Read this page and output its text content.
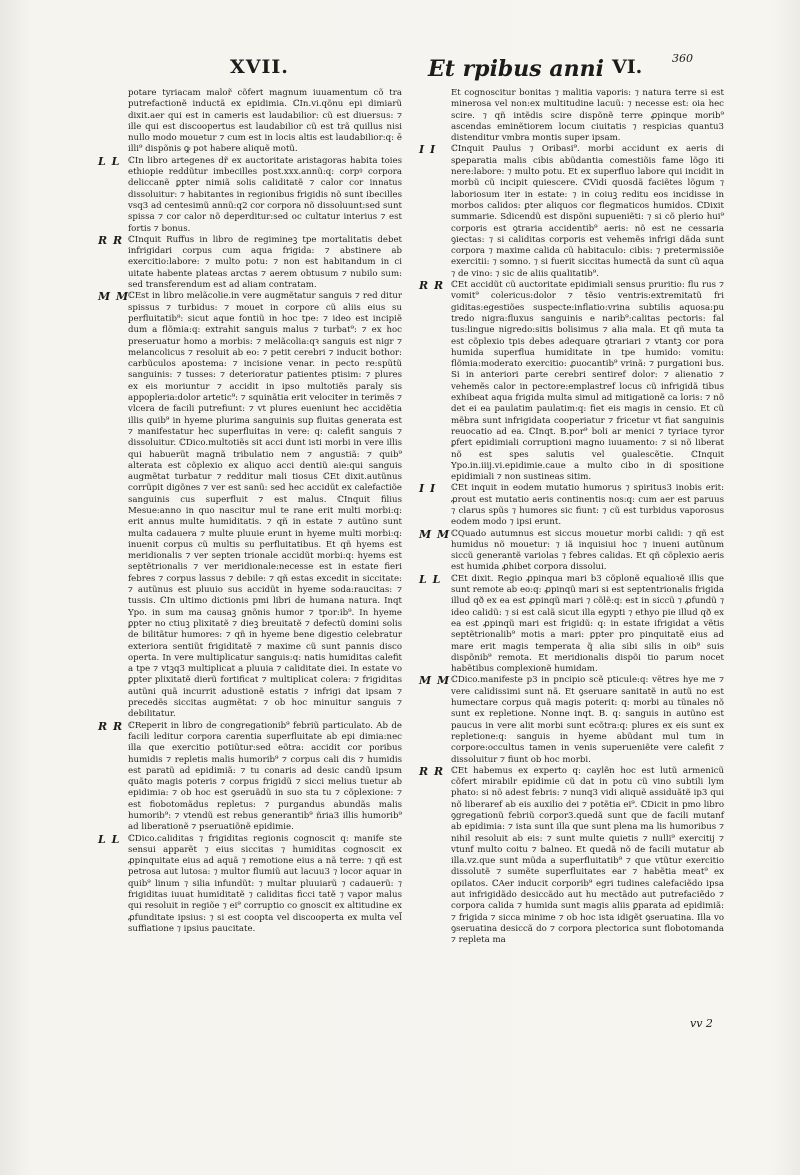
XVII.	Et rpibus anni VI.	360

potare tyriacam malor̃ cõfert magnum iuuamentum cõ tra putrefactionẽ inductã ex epidimia. ℂIn.vi.qõnu epi dimiarũ dixit.aer qui est in cameris est laudabilior: cũ est diuersus: ⁊ ille qui est discoopertus est laudabilior cũ est trã quillus nisi nullo modo mouetur ⁊ cum est in locis altis est laudabilior:q: ē illi⁹ dispõnis ꝙ pot habere aliquẽ motũ.

L L ℂIn libro artegenes dr̃ ex auctoritate aristagoras habita toies ethiopie reddũtur imbecilles post.xxx.annũ:q: corpꝰ corpora deliccanẽ ꝑpter nimiã solis caliditatẽ ⁊ calor cor innatus dissoluitur: ⁊ habitantes in regionibus frigidis nõ sunt ibecilles vsq3 ad centesimũ annũ:q2 cor corpora nõ dissoluunt:sed sunt spissa ⁊ cor calor nõ deperditur:sed oc cultatur interius ⁊ est fortis ⁊ bonus.

R R ℂInquit Ruffus in libro de regimineꝫ tpe mortalitatis debet infrigidari corpus cum aqua frigida: ⁊ abstinere ab exercitio:labore: ⁊ multo potu: ⁊ non est habitandum in ci uitate habente plateas arctas ⁊ aerem obtusum ⁊ nubilo sum: sed transferendum est ad aliam contratam.

M M

ℂEst in libro melãcolie.in vere augmẽtatur sanguis ⁊ red ditur spissus ⁊ turbidus: ⁊ mouet in corpore cũ aliis eius su perfluitatib⁹: sicut aque fontiũ in hoc tpe: ⁊ ideo est incipiẽ dum a flõmia:q: extrahit sanguis malus ⁊ turbat⁹: ⁊ ex hoc preseruatur homo a morbis: ⁊ melãcolia:qꝛ sanguis est nigr ⁊ melancolicus ⁊ resoluit ab eo: ⁊ petit cerebri ⁊ inducit bothor: carbũculos apostema: ⁊ incisione venar. in pecto re:spũtũ sanguinis: ⁊ tusses: ⁊ deterioratur patientes ptisim: ⁊ plures ex eis moriuntur ⁊ accidit in ipso multotiẽs paraly sis appopleria:dolor artetic⁹: ⁊ squinãtia erit velociter in terimẽs ⁊ vlcera de facili putrefiunt: ⁊ vt plures eueniunt hec accidẽtia illis quib⁹ in hyeme plurima sanguinis sup fluitas generata est ⁊ manifestatur hec superfluitas in vere: q: calefit sanguis ⁊ dissoluitur. ℂDico.multotiẽs sit acci dunt isti morbi in vere illis qui habuerũt magnã tribulatio nem ⁊ angustiã: ⁊ quib⁹ alterata est cõplexio ex aliquo acci dentiũ aie:qui sanguis augmẽtat turbatur ⁊ redditur mali tiosus ℂEt dixit.autũnus corrũpit digõnes ⁊ ver est sanũ: sed hec accidũt ex calefactiõe sanguinis cus superfluit ⁊ est malus. ℂInquit filius Mesue:anno in quo nascitur mul te rane erit multi morbi:q: erit annus multe humiditatis. ⁊ qñ in estate ⁊ autũno sunt multa cadauera ⁊ multe pluuie erunt in hyeme multi morbi:q: inuenit corpus cũ multis su perfluitatibus. Et qñ hyems est meridionalis ⁊ ver septen trionale accidũt morbi:q: hyems est septẽtrionalis ⁊ ver meridionale:necesse est in estate fieri febres ⁊ corpus lassus ⁊ debile: ⁊ qñ estas excedit in siccitate: ⁊ autũnus est pluuio sus accidũt in hyeme soda:raucitas: ⁊ tussis. ℂIn ultimo dictionis pmi libri de humana natura. Inqt Ypo. in sum ma causaꝫ gnõnis humor ⁊ tpor:ib⁹. In hyeme ꝑpter no ctiuꝫ plixitatẽ ⁊ dieꝫ breuitatẽ ⁊ defectũ domini solis de bilitãtur humores: ⁊ qñ in hyeme bene digestio celebratur exteriora sentiũt frigiditatẽ ⁊ maxime cũ sunt pannis disco operta. In vere multiplicatur sanguis:q: natis humiditas calefit a tpe ⁊ vtꝫq3 multiplicat a pluuia ⁊ caliditate diei. In estate vo ꝑpter plixitatẽ dierũ fortificat ⁊ multiplicat colera: ⁊ frigiditas autũni quã incurrit adustionẽ estatis ⁊ infrigi dat ipsam ⁊ precedẽs siccitas augmẽtat: ⁊ ob hoc minuitur sanguis ⁊ debilitatur.

R R ℂReperit in libro de congregationib⁹ febriũ particulato. Ab de facili leditur corpora carentia superfluitate ab epi dimia:nec illa que exercitio potiũtur:sed eõtra: accidit cor poribus humidis ⁊ repletis malis humorib⁹ ⁊ corpus cali dis ⁊ humidis est paratũ ad epidimiã: ⁊ tu conaris ad desic candũ ipsum quãto magis poteris ⁊ corpus frigidũ ⁊ sicci melius tuetur ab epidimia: ⁊ ob hoc est ꝯseruãdũ in suo sta tu ⁊ cõplexione: ⁊ est fiobotomãdus repletus: ⁊ purgandus abundãs malis humorib⁹: ⁊ vtendũ est rebus generantib⁹ ñria3 illis humorib⁹ ad liberationẽ ⁊ pseruatiõnẽ epidimie.

L L ℂDico.caliditas ⁊ frigiditas regionis cognoscit q: manife ste sensui apparẽt ⁊ eius siccitas ⁊ humiditas cognoscit ex ꝓpinquitate eius ad aquã ⁊ remotione eius a nã terre: ⁊ qñ est petrosa aut lutosa: ⁊ multor flumiũ aut lacuu3 ⁊ locor aquar in quib⁹ linum ⁊ silia infundũt: ⁊ multar pluuiarũ ⁊ cadauerũ: ⁊ frigiditas iuuat humiditatẽ ⁊ caliditas ficci tatẽ ⁊ vapor malus qui resoluit in regiõe ⁊ ei⁹ corruptio co gnoscit ex altitudine ex ꝓfunditate ipsius: ⁊ si est coopta vel discooperta ex multa vel̃ suffiatione ⁊ ipsius paucitate.

Et cognoscitur bonitas ⁊ malitia vaporis: ⁊ natura terre si est minerosa vel non:ex multitudine lacuũ: ⁊ necesse est: oia hec scire. ⁊ qñ intẽdis scire dispõnẽ terre ꝓpinque morib⁹ ascendas eminẽtiorem locum ciuitatis ⁊ respicias quantu3 distenditur vmbra montis super ipsam.

I I ℂInquit Paulus ⁊ Oribasi⁹. morbi accidunt ex aeris di sꝑeparatia malis cibis abũdantia comestiõis fame lõgo iti nere:labore: ⁊ multo potu. Et ex superfluo labore qui incidit in morbũ cũ incipit quiescere. ℂVidi quosdã faciẽtes lõgum ⁊ laboriosum iter in estate: ⁊ in coiuꝫ reditu eos incidisse in morbos calidos: ꝑter aliquos cor fleɡmaticos humidos. ℂDixit summarie. Sdicendũ est dispõni supueniẽti: ⁊ si cõ plerio hui⁹ corporis est ꝯtraria accidentib⁹ aeris: nõ est ne cessaria ꝯiectas: ⁊ si caliditas corporis est vehemẽs infrigi dãda sunt corpora ⁊ maxime calida cũ habitaculo: cibis: ⁊ pretermissiõe exercitii: ⁊ somno. ⁊ si fuerit siccitas humectã da sunt cũ aqua ⁊ de vino: ⁊ sic de aliis qualitatib⁹.

R R ℂEt accidũt cũ auctoritate epidimiali sensus pruritio: flu rus ⁊ vomit⁹ colericus:dolor ⁊ tẽsio ventris:extremitatũ fri giditas:egestiões suspecte:inflatio:vrina subtilis aquosa:pu tredo nigra:fluxus sanguinis e narib⁹:calitas pectoris: fal tus:lingue nigredo:sitis bolisimus ⁊ alia mala. Et qñ muta ta est cõplexio tpis debes adequare ꝯtrariari ⁊ vtantꝫ cor pora humida superflua humiditate in tpe humido: vomitu: flõmia:moderato exercitio: ꝓuocantib⁹ vrinã: ⁊ purgationi bus. Si in anteriori parte cerebri sentiref dolor: ⁊ alienatio ⁊ vehemẽs calor in pectore:emplastref locus cũ infrigidã tibus exhibeat aqua frigida multa simul ad mitigationẽ ca loris: ⁊ nõ det ei ea paulatim paulatim:q: fiet eis magis in censio. Et cũ mẽbra sunt infrigidata cooperiatur ⁊ fricetur vt fiat sanguinis reuocatio ad ea. ℂInqt. B.por⁹ boli ar menici ⁊ tyriace tyror ꝑfert epidimiali corruptioni magno iuuamento: ⁊ si nõ liberat nõ est spes salutis vel ꝯualescẽtie. ℂInquit Ypo.in.iiij.vi.epidimie.caue a multo cibo in di spositione epidimiali ⁊ non sustineas sitim.

I I ℂEt inquit in eodem mutatio humorus ⁊ spiritus3 inobis erit: ꝓrout est mutatio aeris continentis nos:q: cum aer est paruus ⁊ clarus spũs ⁊ humores sic fiunt: ⁊ cũ est turbidus vaporosus eodem modo ⁊ ipsi erunt.

M M ℂQuado autumnus est siccus mouetur morbi calidi: ⁊ qñ est humidus nõ mouetur: ⁊ iã inquisiui hoc ⁊ inueni autũnum siccũ generantẽ variolas ⁊ febres calidas. Et qñ cõplexio aeris est humida ꝓhibet corpora dissolui.

L L ℂEt dixit. Regio ꝓpinqua mari b3 cõplonẽ equalioꝛẽ illis que sunt remote ab eo:q: ꝓpinqũ mari si est septentrionalis frigida illud qð ex ea est ꝓpinqũ mari ⁊ cõlẽ:q: est in siccũ ⁊ ꝓfundũ ⁊ ideo calidũ: ⁊ si est calã sicut illa egypti ⁊ ethyo pie illud qð ex ea est ꝓpinqũ mari est frigidũ: q: in estate ifrigidat a vẽtis septẽtrionalib⁹ motis a mari: ꝑpter pro pinquitatẽ eius ad mare erit magis temperata q̃ alia sibi silis in oib⁹ suis dispõnib⁹ remota. Et meridionalis dispõi tio parum nocet habẽtibus complexionẽ humidam.

M M ℂDico.manifeste p3 in pncipio scẽ pticule:q: vẽtres hye me ⁊ vere calidissimi sunt nã. Et ꝯseruare sanitatẽ in autũ no est humectare corpus quã magis poterit: q: morbi au tũnales nõ sunt ex repletione. Nonne inqt. B. q: sanguis in autũno est paucus in vere alit morbi sunt ecõtra:q: plures ex eis sunt ex repletione:q: sanguis in hyeme abũdant mul tum in corpore:occultus tamen in venis superueniẽte vere calefit ⁊ dissoluitur ⁊ fiunt ob hoc morbi.

R R ℂEt habemus ex experto q: caylẽn hoc est lutũ armenicũ cõfert mirabilr epidimie cũ dat in potu cũ vino subtili lym phato: si nõ adest febris: ⁊ nunq3 vidi aliquẽ assiduãtẽ ip3 qui nõ liberaref ab eis auxilio dei ⁊ potẽtia ei⁹. ℂDicit in pmo libro ꝯgregationũ febriũ corpor3.quedã sunt que de facili mutanf ab epidimia: ⁊ ista sunt illa que sunt plena ma lis humoribus ⁊ nihil resoluit ab eis: ⁊ sunt multe quietis ⁊ nulli⁹ exercitij ⁊ vtunf multo coitu ⁊ balneo. Et quedã nõ de facili mutatur ab illa.vz.que sunt mũda a superfluitatib⁹ ⁊ que vtũtur exercitio dissolutẽ ⁊ sumẽte superfluitates ear ⁊ habẽtia meat⁹ ex opilatos. ℂAer inducit corporib⁹ egri tudines calefaciẽdo ipsa aut infrigidãdo desiccãdo aut hu mectãdo aut putrefaciẽdo ⁊ corpora calida ⁊ humida sunt magis aliis ꝑparata ad epidimiã: ⁊ frigida ⁊ sicca minime ⁊ ob hoc ista idigẽt ꝯseruatina. Illa vo ꝯseruatina desiccã do ⁊ corpora plectorica sunt flobotomanda ⁊ repleta ma

vv 2
